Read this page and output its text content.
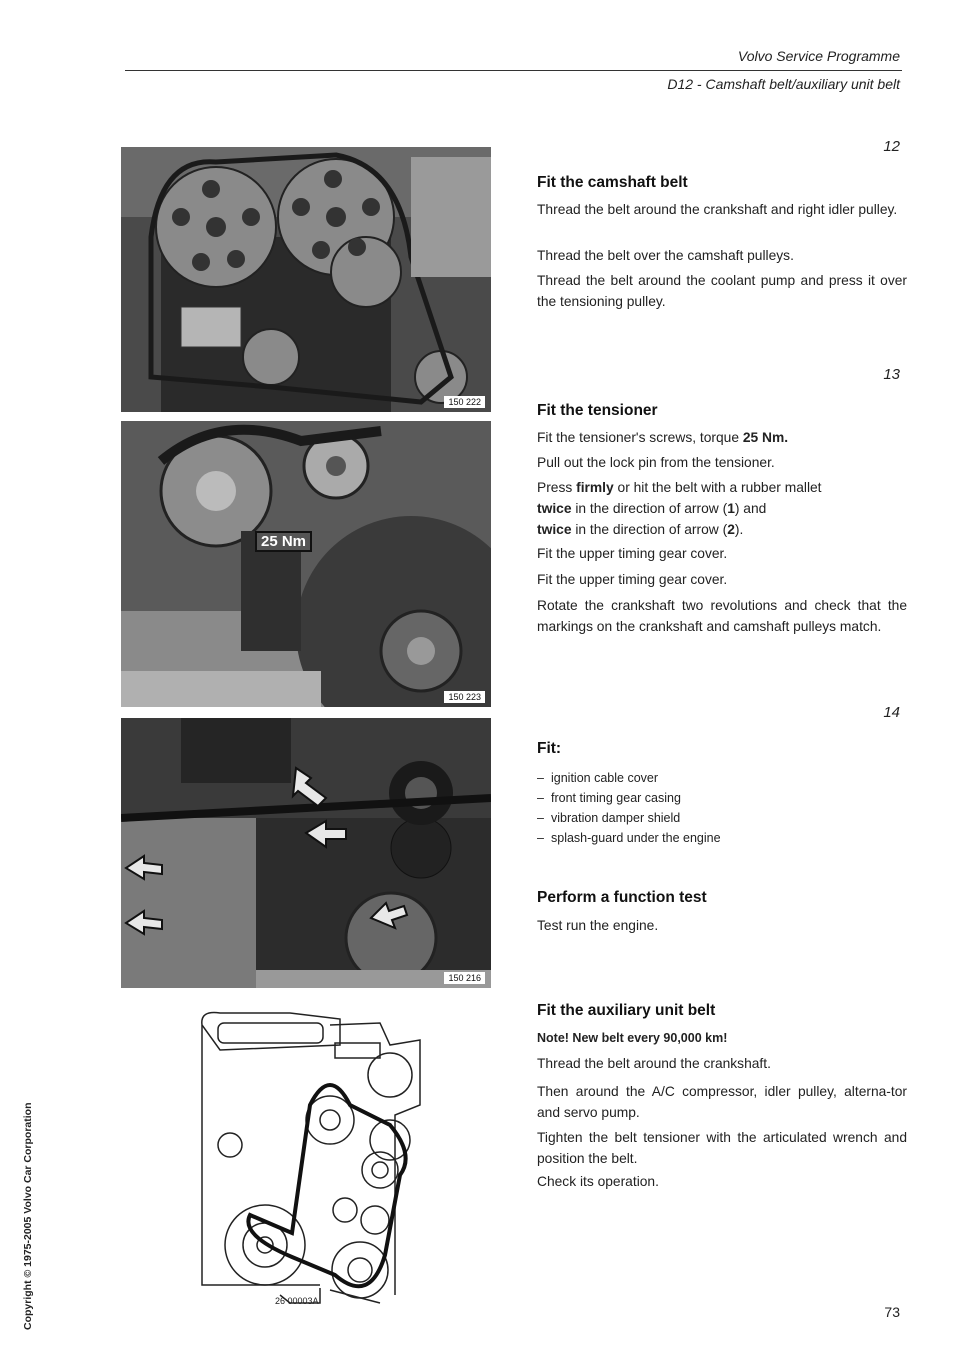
Volvo Service Programme
D12 - Camshaft belt/auxiliary unit belt
150 222
25 Nm
150 223
150 216
26 00003A
12
Fit the camshaft belt
Thread the belt around the crankshaft and right idler pulley.
Thread the belt over the camshaft pulleys.
Thread the belt around the coolant pump and press it over the tensioning pulley.
13
Fit the tensioner
Fit the tensioner's screws, torque 25 Nm.
Pull out the lock pin from the tensioner.
Press firmly or hit the belt with a rubber mallet
twice in the direction of arrow (1) and
twice in the direction of arrow (2).
Fit the upper timing gear cover.
Fit the upper timing gear cover.
Rotate the crankshaft two revolutions and check that the markings on the crankshaft and camshaft pulleys match.
14
Fit:
– ignition cable cover
– front timing gear casing
– vibration damper shield
– splash-guard under the engine
Perform a function test
Test run the engine.
Fit the auxiliary unit belt
Note! New belt every 90,000 km!
Thread the belt around the crankshaft.
Then around the A/C compressor, idler pulley, alterna-tor and servo pump.
Tighten the belt tensioner with the articulated wrench and position the belt.
Check its operation.
Copyright © 1975-2005 Volvo Car Corporation	73
